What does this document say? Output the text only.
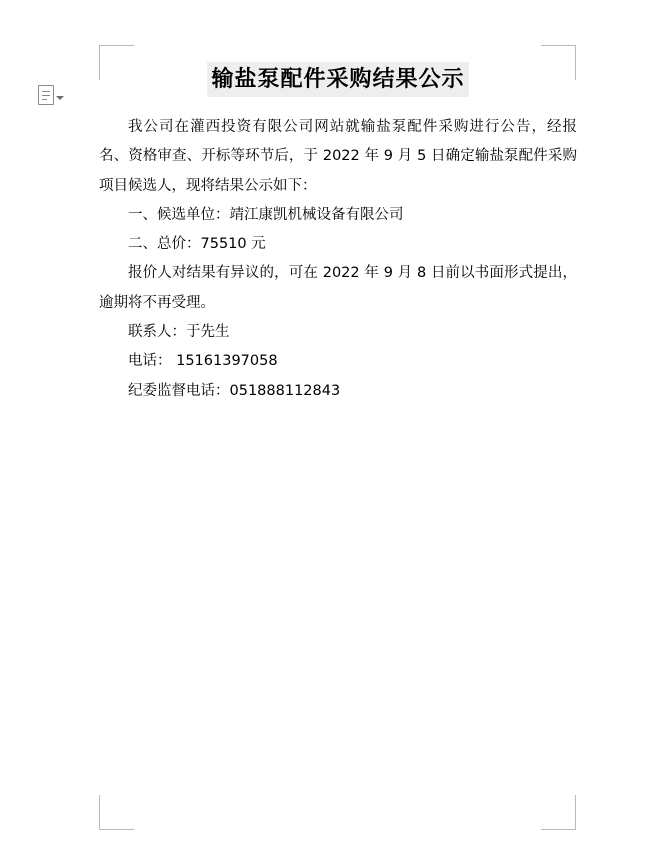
输盐泵配件采购结果公示

我公司在灌西投资有限公司网站就输盐泵配件采购进行公告，经报名、资格审查、开标等环节后，于 2022 年 9 月 5 日确定输盐泵配件采购项目候选人，现将结果公示如下：

一、候选单位：靖江康凯机械设备有限公司

二、总价：75510 元

报价人对结果有异议的，可在 2022 年 9 月 8 日前以书面形式提出，逾期将不再受理。

联系人：于先生

电话： 15161397058

纪委监督电话：051888112843
